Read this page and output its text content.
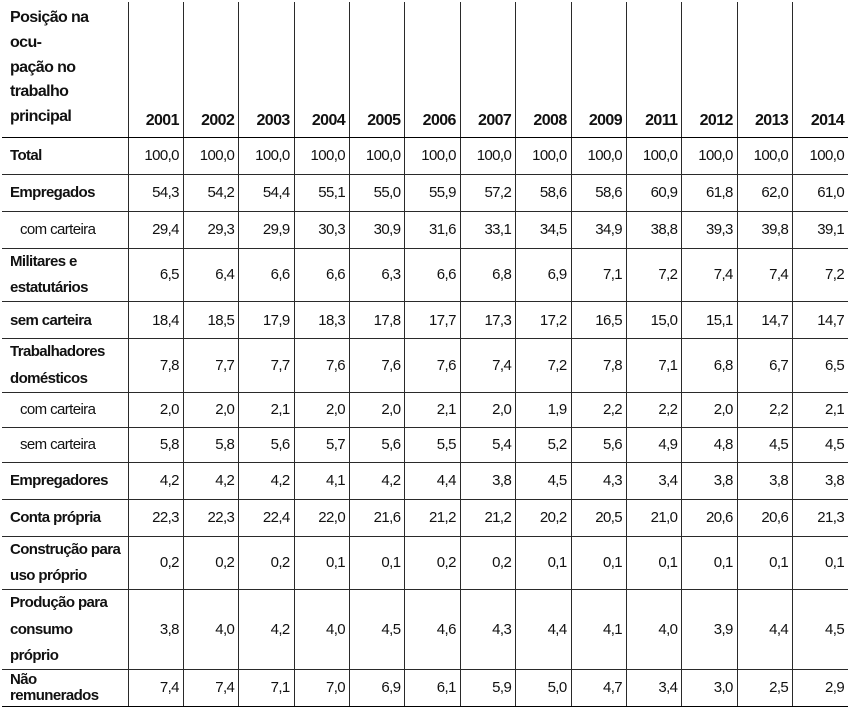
Posição na ocu-
pação no trabalho
principal	2001	2002	2003	2004	2005	2006	2007	2008	2009	2011	2012	2013	2014
Total	100,0	100,0	100,0	100,0	100,0	100,0	100,0	100,0	100,0	100,0	100,0	100,0	100,0
Empregados	54,3	54,2	54,4	55,1	55,0	55,9	57,2	58,6	58,6	60,9	61,8	62,0	61,0
com carteira	29,4	29,3	29,9	30,3	30,9	31,6	33,1	34,5	34,9	38,8	39,3	39,8	39,1
Militares e
estatutários	6,5	6,4	6,6	6,6	6,3	6,6	6,8	6,9	7,1	7,2	7,4	7,4	7,2
sem carteira	18,4	18,5	17,9	18,3	17,8	17,7	17,3	17,2	16,5	15,0	15,1	14,7	14,7
Trabalhadores
domésticos	7,8	7,7	7,7	7,6	7,6	7,6	7,4	7,2	7,8	7,1	6,8	6,7	6,5
com carteira	2,0	2,0	2,1	2,0	2,0	2,1	2,0	1,9	2,2	2,2	2,0	2,2	2,1
sem carteira	5,8	5,8	5,6	5,7	5,6	5,5	5,4	5,2	5,6	4,9	4,8	4,5	4,5
Empregadores	4,2	4,2	4,2	4,1	4,2	4,4	3,8	4,5	4,3	3,4	3,8	3,8	3,8
Conta própria	22,3	22,3	22,4	22,0	21,6	21,2	21,2	20,2	20,5	21,0	20,6	20,6	21,3
Construção para
uso próprio	0,2	0,2	0,2	0,1	0,1	0,2	0,2	0,1	0,1	0,1	0,1	0,1	0,1
Produção para
consumo próprio	3,8	4,0	4,2	4,0	4,5	4,6	4,3	4,4	4,1	4,0	3,9	4,4	4,5
Não remunerados	7,4	7,4	7,1	7,0	6,9	6,1	5,9	5,0	4,7	3,4	3,0	2,5	2,9
